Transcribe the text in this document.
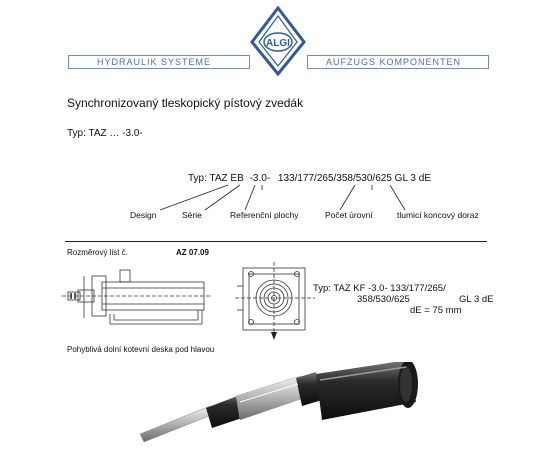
HYDRAULIK SYSTEME	AUFZUGS KOMPONENTEN
ALGI
Synchronizovaný tleskopický pístový zvedák
Typ: TAZ … -3.0-
Typ: TAZ EB -3.0- 133/177/265/358/530/625 GL 3 dE
Design	Série	Referenční plochy	Počet úrovní	tlumicí koncový doraz
Rozměrový list č.	AZ 07.09
Typ: TAZ KF -3.0- 133/177/265/
358/530/625	GL 3 dE
dE = 75 mm
Pohyblivá dolní kotevní deska pod hlavou
